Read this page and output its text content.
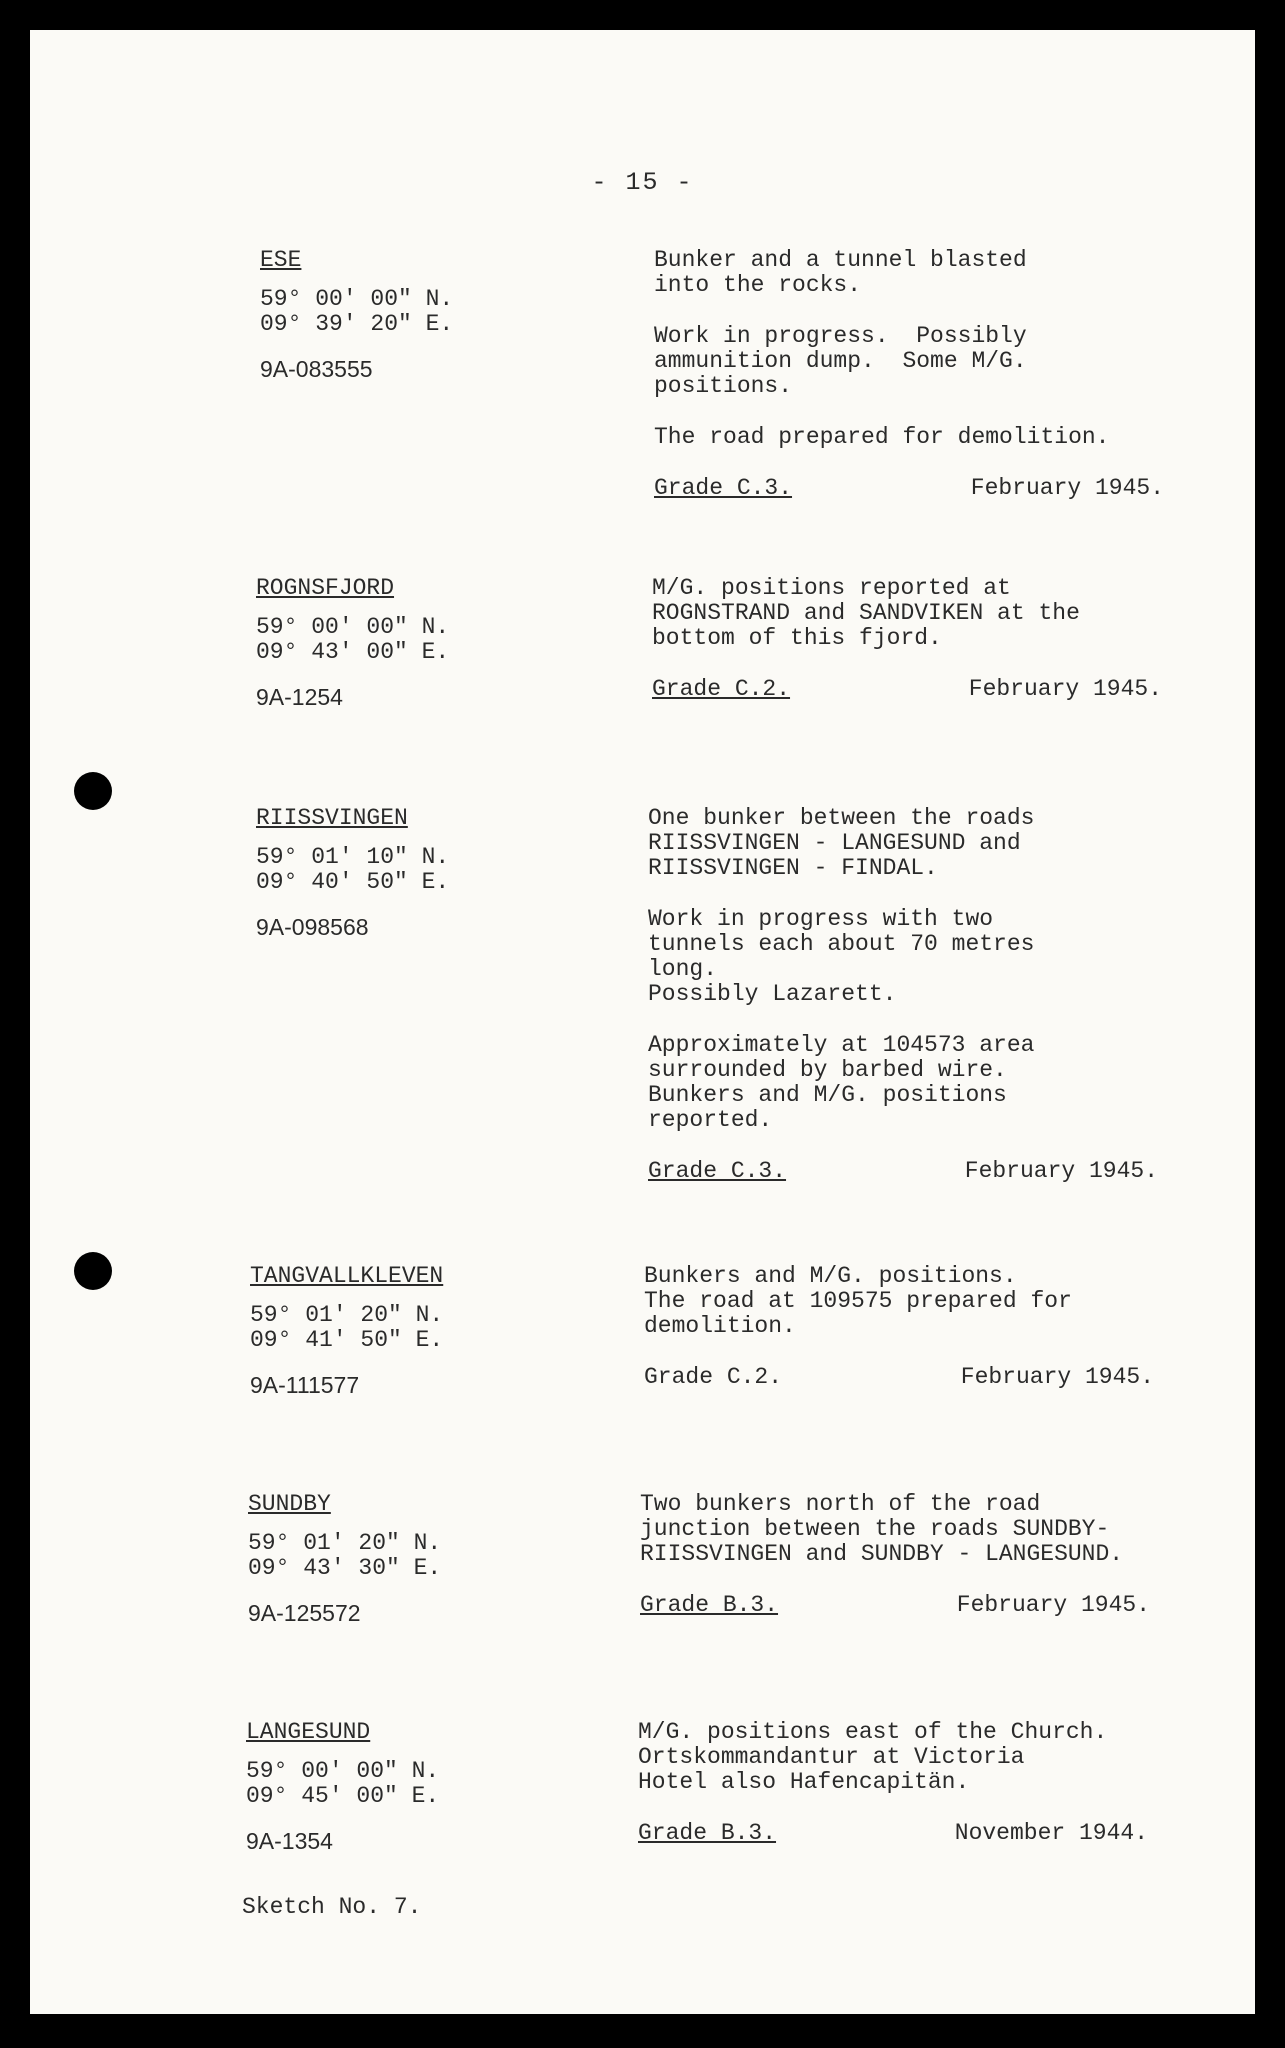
- 15 -
ESE
59° 00' 00" N.
09° 39' 20" E.
9A-083555
Bunker and a tunnel blasted
into the rocks.
Work in progress.  Possibly
ammunition dump.  Some M/G.
positions.
The road prepared for demolition.
Grade C.3.	February 1945.
ROGNSFJORD
59° 00' 00" N.
09° 43' 00" E.
9A-1254
M/G. positions reported at
ROGNSTRAND and SANDVIKEN at the
bottom of this fjord.
Grade C.2.	February 1945.
RIISSVINGEN
59° 01' 10" N.
09° 40' 50" E.
9A-098568
One bunker between the roads
RIISSVINGEN - LANGESUND and
RIISSVINGEN - FINDAL.
Work in progress with two
tunnels each about 70 metres
long.
Possibly Lazarett.
Approximately at 104573 area
surrounded by barbed wire.
Bunkers and M/G. positions
reported.
Grade C.3.	February 1945.
TANGVALLKLEVEN
59° 01' 20" N.
09° 41' 50" E.
9A-111577
Bunkers and M/G. positions.
The road at 109575 prepared for
demolition.
Grade C.2.	February 1945.
SUNDBY
59° 01' 20" N.
09° 43' 30" E.
9A-125572
Two bunkers north of the road
junction between the roads SUNDBY-
RIISSVINGEN and SUNDBY - LANGESUND.
Grade B.3.	February 1945.
LANGESUND
59° 00' 00" N.
09° 45' 00" E.
9A-1354
M/G. positions east of the Church.
Ortskommandantur at Victoria
Hotel also Hafencapitän.
Grade B.3.	November 1944.
Sketch No. 7.
